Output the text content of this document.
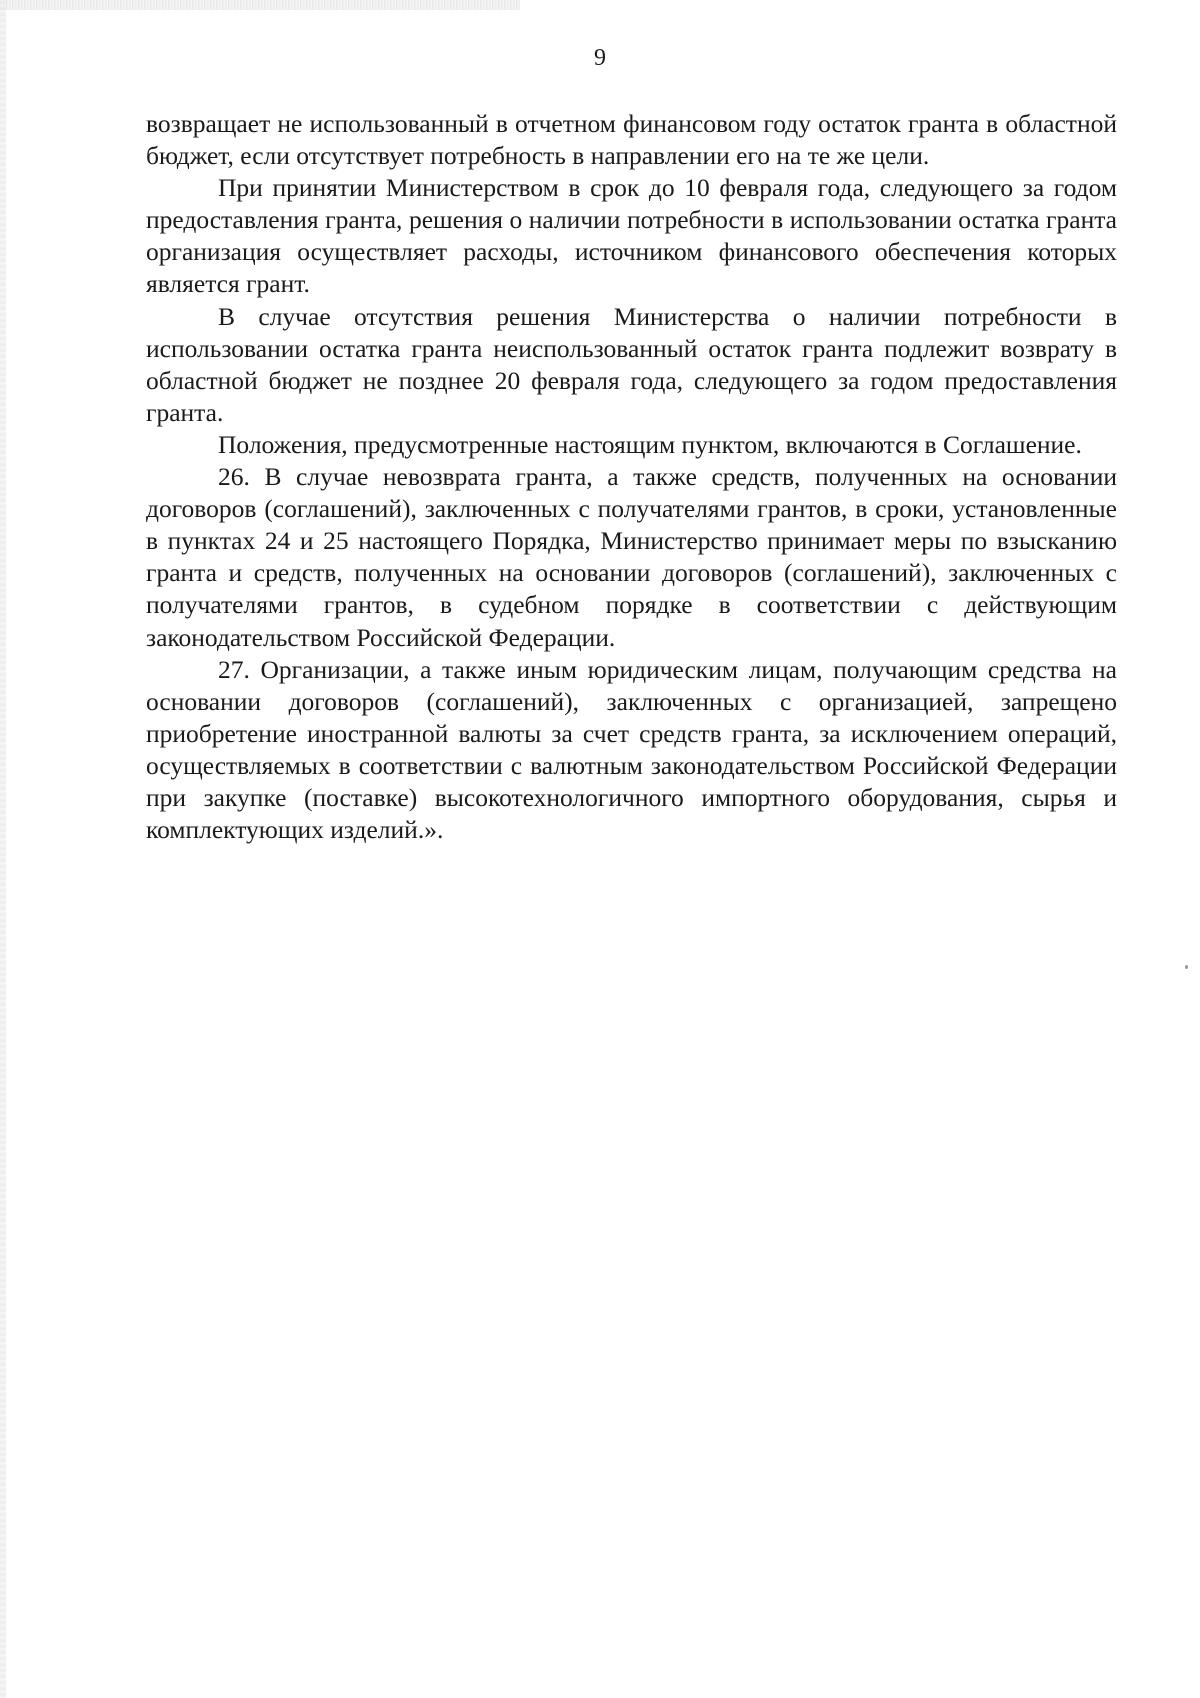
9

возвращает не использованный в отчетном финансовом году остаток гранта в областной бюджет, если отсутствует потребность в направлении его на те же цели.

При принятии Министерством в срок до 10 февраля года, следующего за годом предоставления гранта, решения о наличии потребности в использовании остатка гранта организация осуществляет расходы, источником финансового обеспечения которых является грант.

В случае отсутствия решения Министерства о наличии потребности в использовании остатка гранта неиспользованный остаток гранта подлежит возврату в областной бюджет не позднее 20 февраля года, следующего за годом предоставления гранта.

Положения, предусмотренные настоящим пунктом, включаются в Соглашение.

26. В случае невозврата гранта, а также средств, полученных на основании договоров (соглашений), заключенных с получателями грантов, в сроки, установленные в пунктах 24 и 25 настоящего Порядка, Министерство принимает меры по взысканию гранта и средств, полученных на основании договоров (соглашений), заключенных с получателями грантов, в судебном порядке в соответствии с действующим законодательством Российской Федерации.

27. Организации, а также иным юридическим лицам, получающим средства на основании договоров (соглашений), заключенных с организацией, запрещено приобретение иностранной валюты за счет средств гранта, за исключением операций, осуществляемых в соответствии с валютным законодательством Российской Федерации при закупке (поставке) высокотехнологичного импортного оборудования, сырья и комплектующих изделий.».
